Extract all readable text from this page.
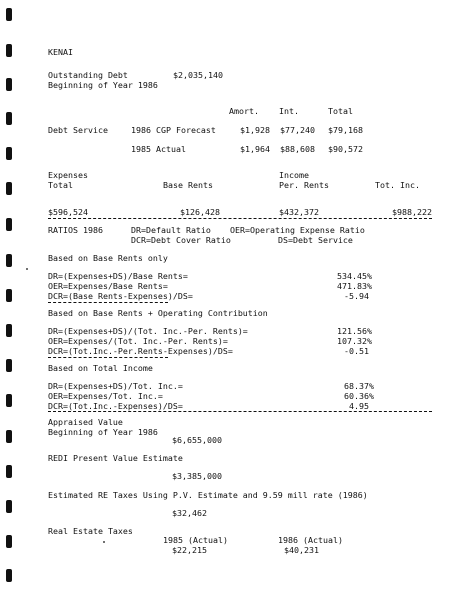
KENAI
Outstanding Debt	$2,035,140
Beginning of Year 1986
Amort. Int.	Total
Debt Service	1986 CGP Forecast	$1,928 $77,240 $79,168
1985 Actual	$1,964 $88,608 $90,572
Expenses
Total	Base Rents
Income
Per. Rents	Tot. Inc.
$596,524	$126,428	$432,372	$988,222
RATIOS 1986	DR=Default Ratio OER=Operating Expense Ratio
DCR=Debt Cover Ratio	DS=Debt Service
Based on Base Rents only
DR=(Expenses+DS)/Base Rents=	534.45%
OER=Expenses/Base Rents=	471.83%
DCR=(Base Rents-Expenses)/DS=	-5.94
Based on Base Rents + Operating Contribution
DR=(Expenses+DS)/(Tot. Inc.-Per. Rents)=	121.56%
OER=Expenses/(Tot. Inc.-Per. Rents)=	107.32%
DCR=(Tot.Inc.-Per.Rents-Expenses)/DS=	-0.51
Based on Total Income
DR=(Expenses+DS)/Tot. Inc.=	68.37%
OER=Expenses/Tot. Inc.=	60.36%
DCR=(Tot.Inc.-Expenses)/DS=	4.95
Appraised Value
Beginning of Year 1986
$6,655,000
REDI Present Value Estimate
$3,385,000
Estimated RE Taxes Using P.V. Estimate and 9.59 mill rate (1986)
$32,462
Real Estate Taxes
1985 (Actual)	1986 (Actual)
$22,215	$40,231
